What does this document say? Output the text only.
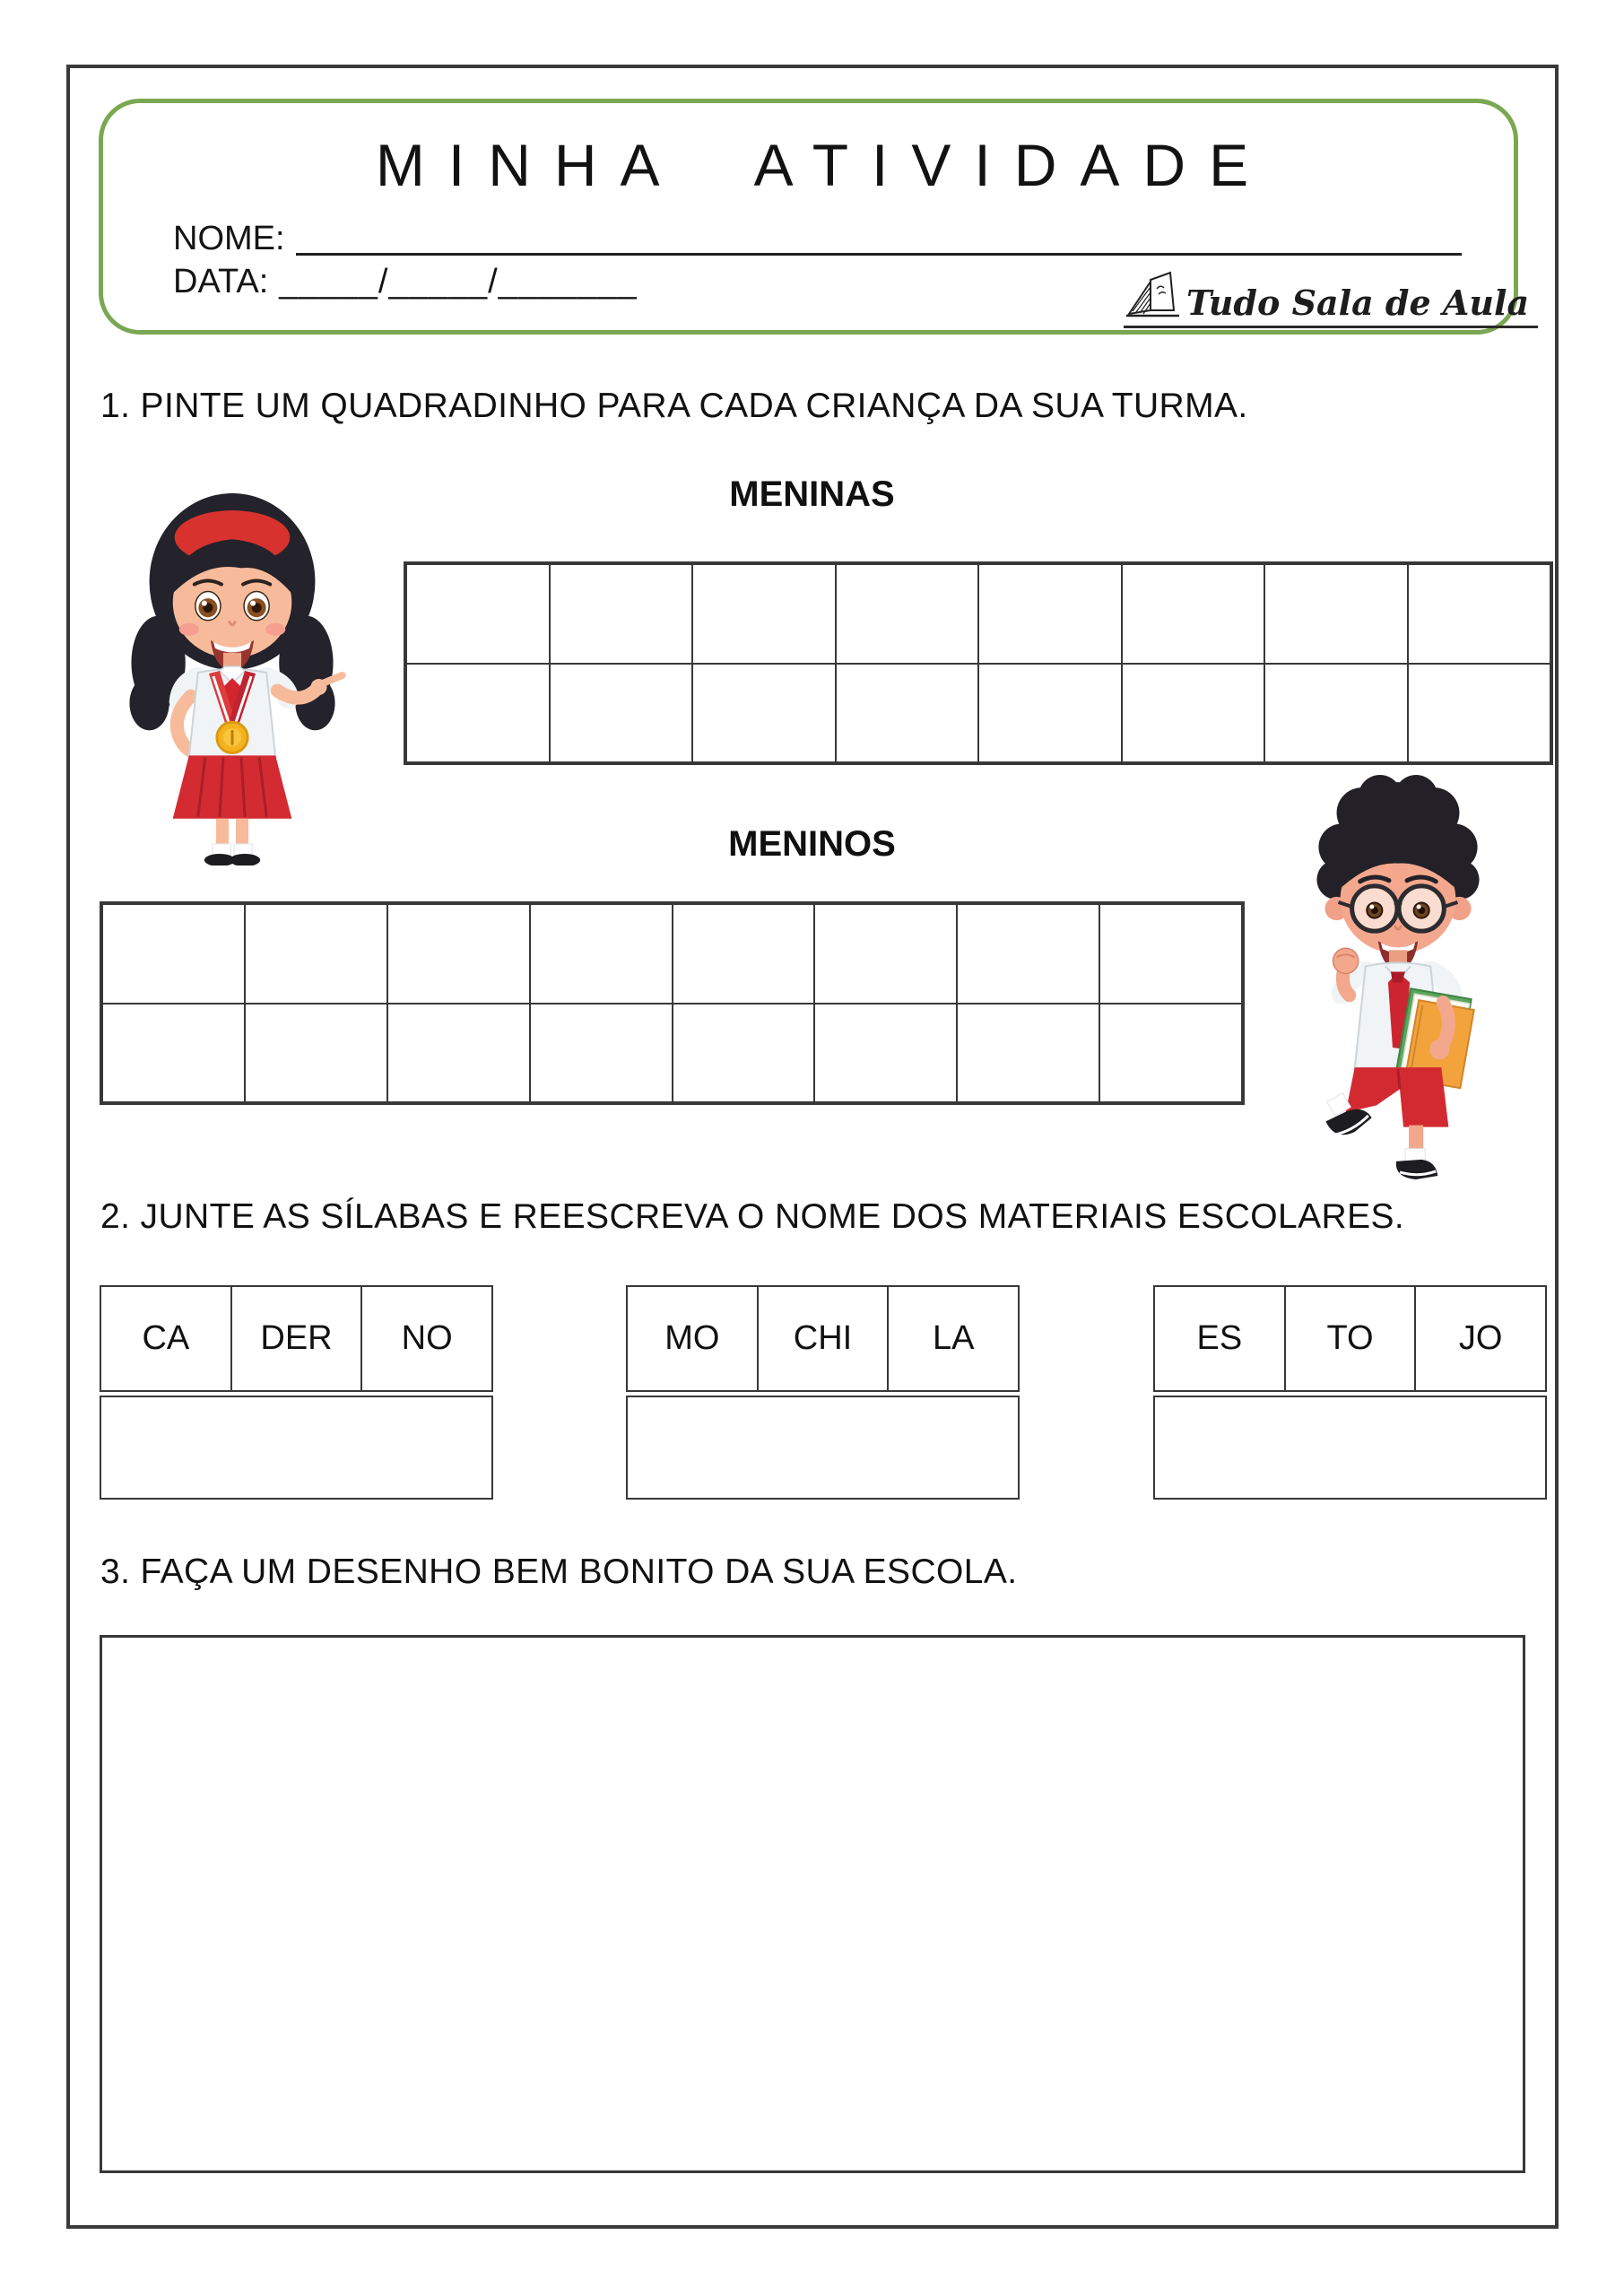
MINHA ATIVIDADE
NOME:
DATA: _____/_____/_______
Tudo Sala de Aula
1. PINTE UM QUADRADINHO PARA CADA CRIANÇA DA SUA TURMA.
MENINAS
MENINOS
2. JUNTE AS SÍLABAS E REESCREVA O NOME DOS MATERIAIS ESCOLARES.
CA	DER	NO	MO	CHI	LA	ES	TO	JO
3. FAÇA UM DESENHO BEM BONITO DA SUA ESCOLA.
